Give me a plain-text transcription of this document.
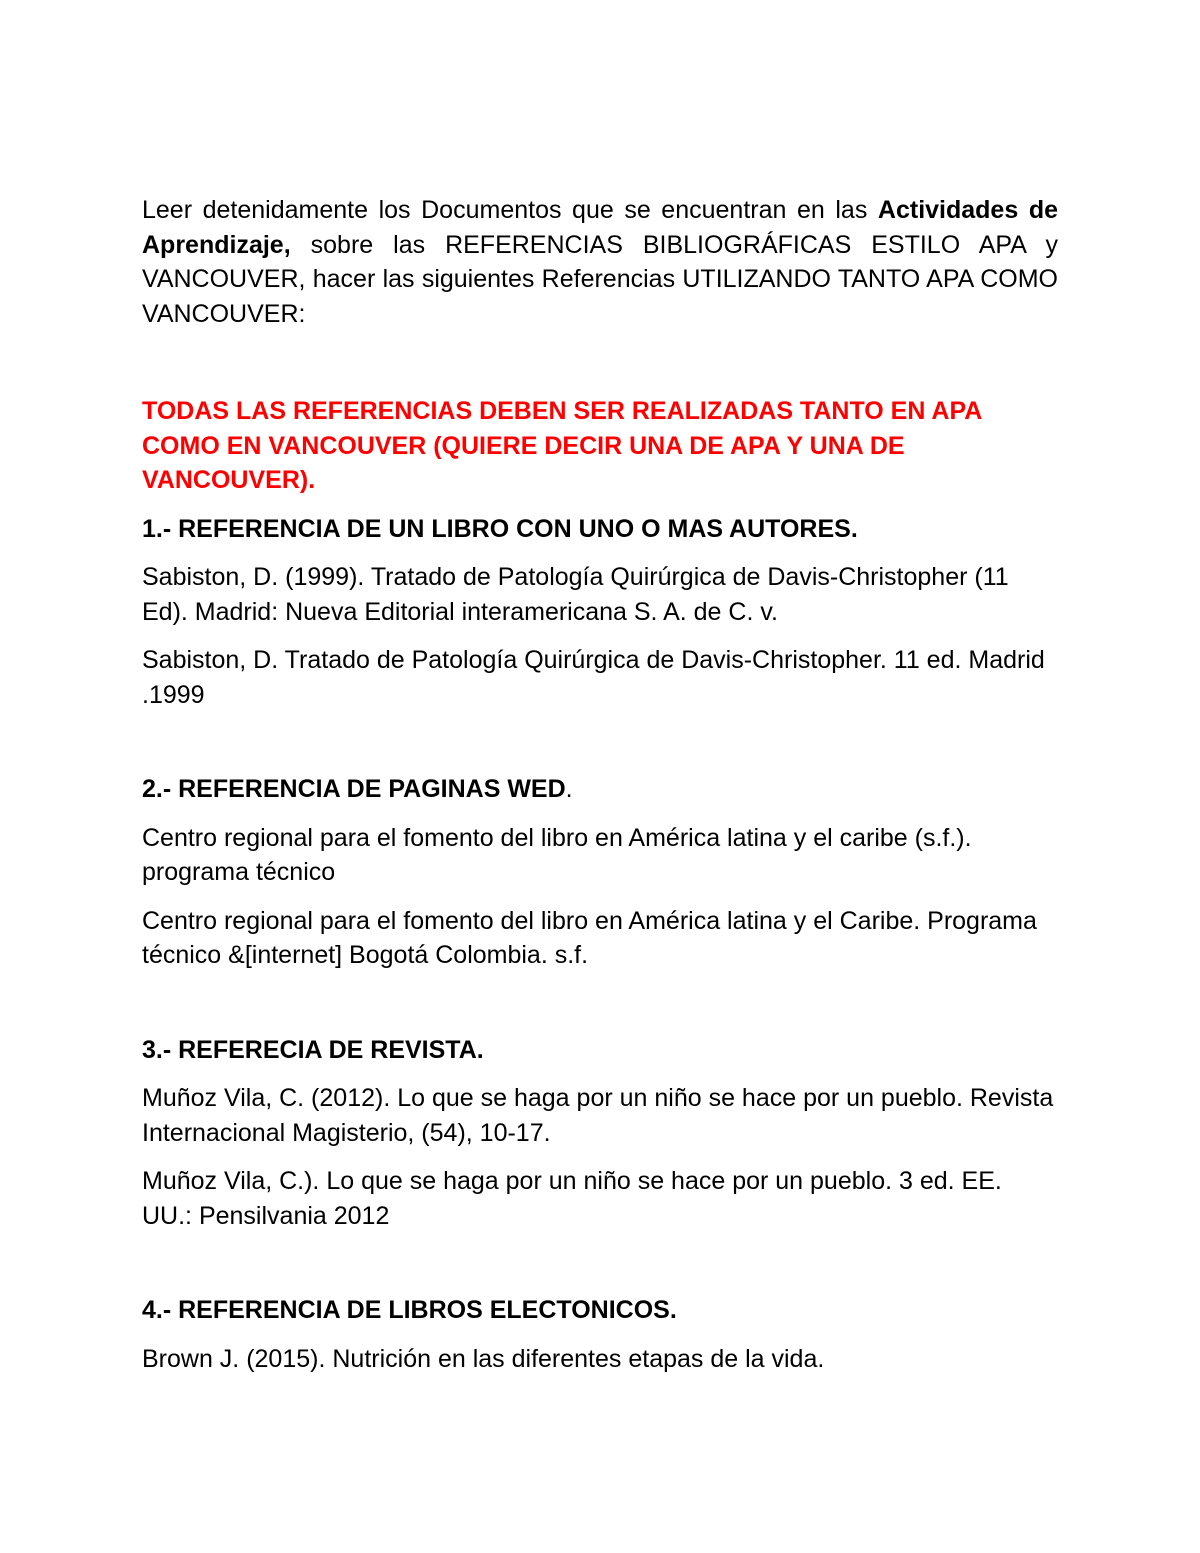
Leer detenidamente los Documentos que se encuentran en las Actividades de Aprendizaje, sobre las REFERENCIAS BIBLIOGRÁFICAS ESTILO APA y VANCOUVER, hacer las siguientes Referencias UTILIZANDO TANTO APA COMO VANCOUVER:

TODAS LAS REFERENCIAS DEBEN SER REALIZADAS TANTO EN APA COMO EN VANCOUVER (QUIERE DECIR UNA DE APA Y UNA DE VANCOUVER).

1.- REFERENCIA DE UN LIBRO CON UNO O MAS AUTORES.

Sabiston, D. (1999). Tratado de Patología Quirúrgica de Davis-Christopher (11 Ed). Madrid: Nueva Editorial interamericana S. A. de C. v.

Sabiston, D. Tratado de Patología Quirúrgica de Davis-Christopher. 11 ed. Madrid .1999

2.- REFERENCIA DE PAGINAS WED.

Centro regional para el fomento del libro en América latina y el caribe (s.f.). programa técnico

Centro regional para el fomento del libro en América latina y el Caribe. Programa técnico &[internet] Bogotá Colombia. s.f.

3.- REFERECIA DE REVISTA.

Muñoz Vila, C. (2012). Lo que se haga por un niño se hace por un pueblo. Revista Internacional Magisterio, (54), 10-17.

Muñoz Vila, C.). Lo que se haga por un niño se hace por un pueblo. 3 ed. EE. UU.: Pensilvania 2012

4.- REFERENCIA DE LIBROS ELECTONICOS.

Brown J. (2015). Nutrición en las diferentes etapas de la vida.
